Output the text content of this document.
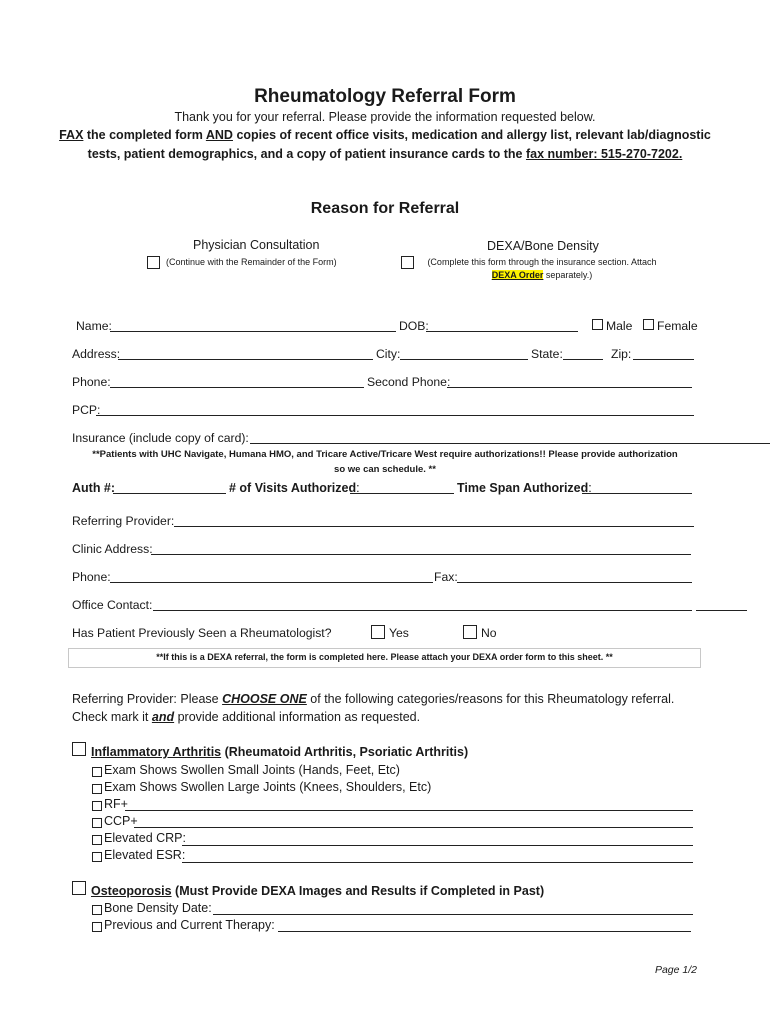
Rheumatology Referral Form
Thank you for your referral. Please provide the information requested below.
FAX the completed form AND copies of recent office visits, medication and allergy list, relevant lab/diagnostic
tests, patient demographics, and a copy of patient insurance cards to the fax number: 515-270-7202.
Reason for Referral
Physician Consultation
(Continue with the Remainder of the Form)
DEXA/Bone Density
(Complete this form through the insurance section. Attach
DEXA Order separately.)
Name:	DOB:	Male Female
Address:	City:	State:	Zip:
Phone:	Second Phone:
PCP:
Insurance (include copy of card):
**Patients with UHC Navigate, Humana HMO, and Tricare Active/Tricare West require authorizations!! Please provide authorization
so we can schedule. **
Auth #:	# of Visits Authorized:	Time Span Authorized:
Referring Provider:
Clinic Address:
Phone:	Fax:
Office Contact:
Has Patient Previously Seen a Rheumatologist?	Yes	No
**If this is a DEXA referral, the form is completed here. Please attach your DEXA order form to this sheet. **
Referring Provider: Please CHOOSE ONE of the following categories/reasons for this Rheumatology referral.
Check mark it and provide additional information as requested.
Inflammatory Arthritis (Rheumatoid Arthritis, Psoriatic Arthritis)
Exam Shows Swollen Small Joints (Hands, Feet, Etc)
Exam Shows Swollen Large Joints (Knees, Shoulders, Etc)
RF+
CCP+
Elevated CRP:
Elevated ESR:
Osteoporosis (Must Provide DEXA Images and Results if Completed in Past)
Bone Density Date:
Previous and Current Therapy:
Page 1/2
